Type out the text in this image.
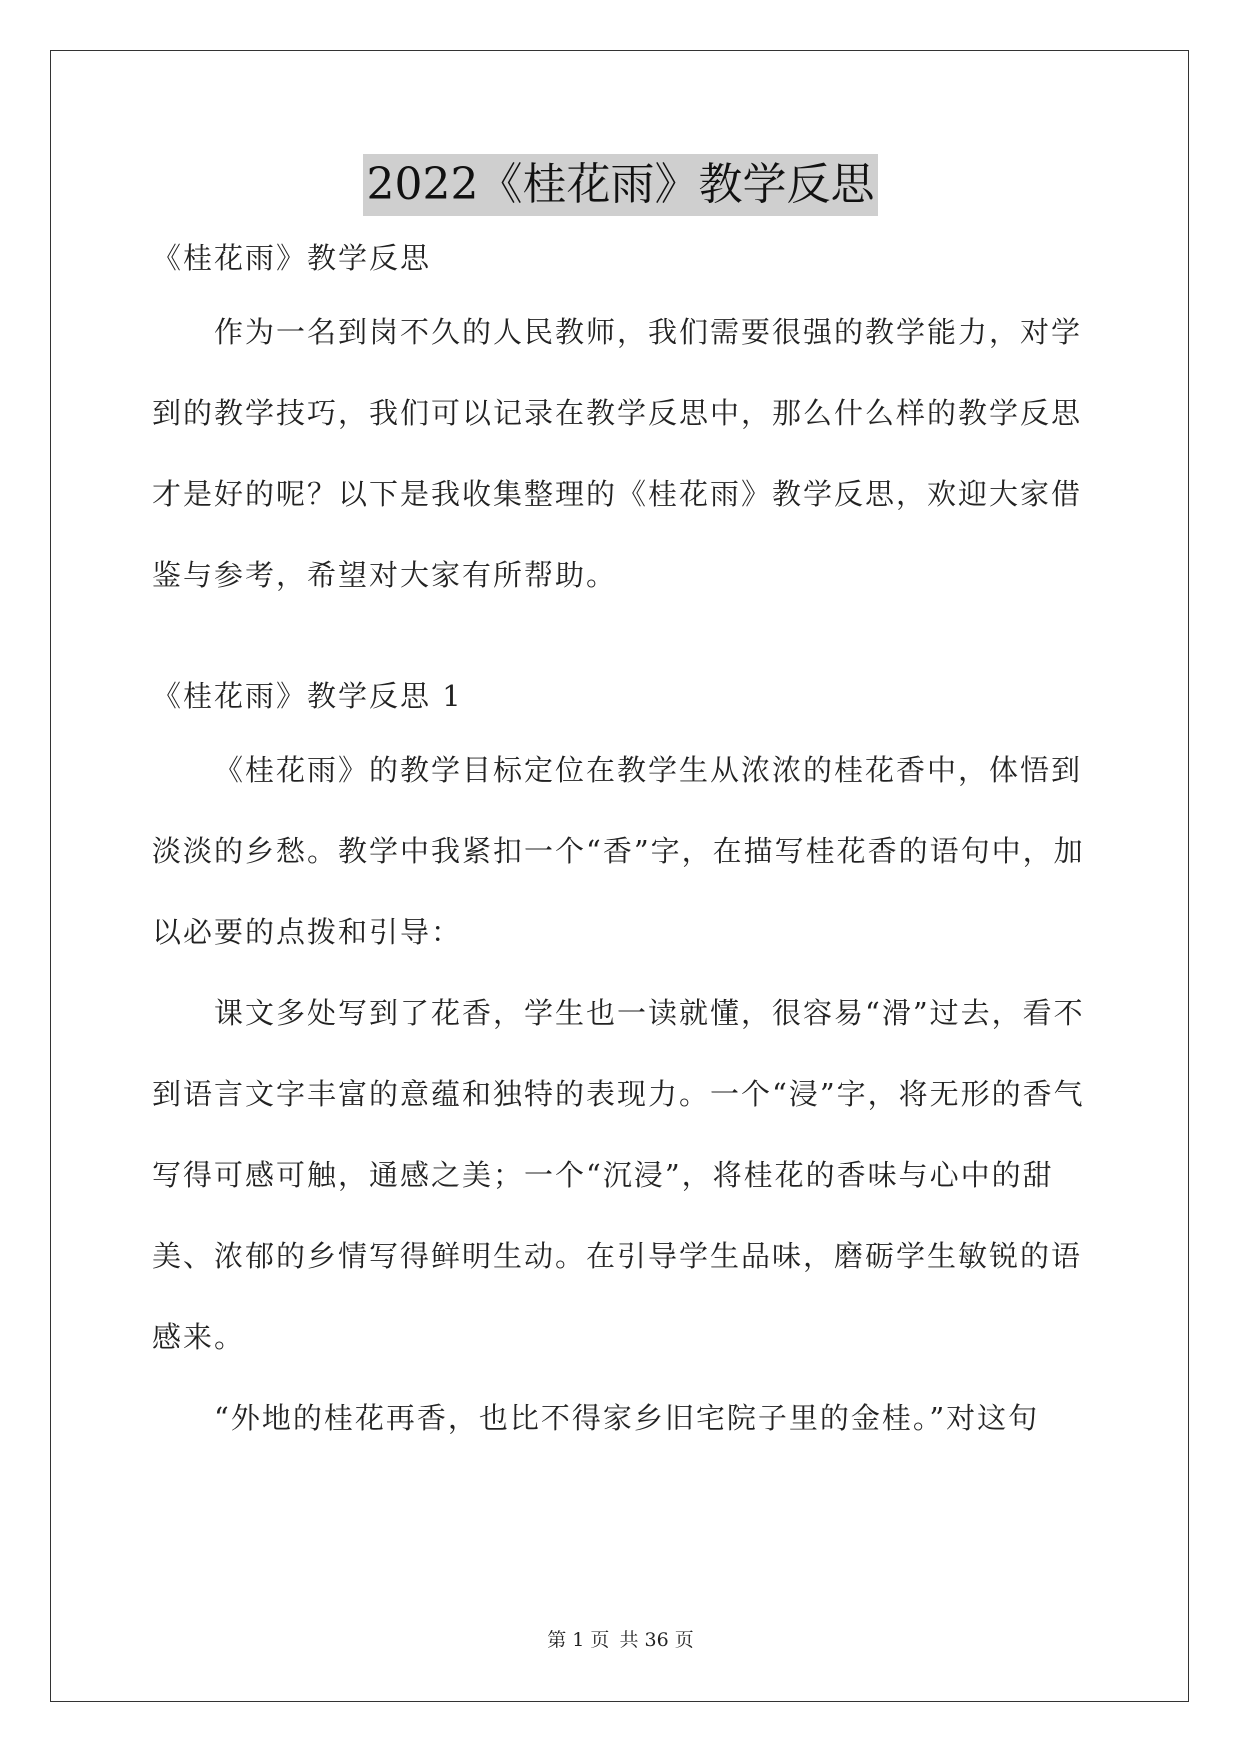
2022《桂花雨》教学反思
《桂花雨》教学反思

作为一名到岗不久的人民教师，我们需要很强的教学能力，对学到的教学技巧，我们可以记录在教学反思中，那么什么样的教学反思才是好的呢？以下是我收集整理的《桂花雨》教学反思，欢迎大家借鉴与参考，希望对大家有所帮助。

《桂花雨》教学反思 1

《桂花雨》的教学目标定位在教学生从浓浓的桂花香中，体悟到淡淡的乡愁。教学中我紧扣一个“香”字，在描写桂花香的语句中，加以必要的点拨和引导：

课文多处写到了花香，学生也一读就懂，很容易“滑”过去，看不到语言文字丰富的意蕴和独特的表现力。一个“浸”字，将无形的香气写得可感可触，通感之美；一个“沉浸”，将桂花的香味与心中的甜美、浓郁的乡情写得鲜明生动。在引导学生品味，磨砺学生敏锐的语感来。

“外地的桂花再香，也比不得家乡旧宅院子里的金桂。”对这句

第 1 页 共 36 页
